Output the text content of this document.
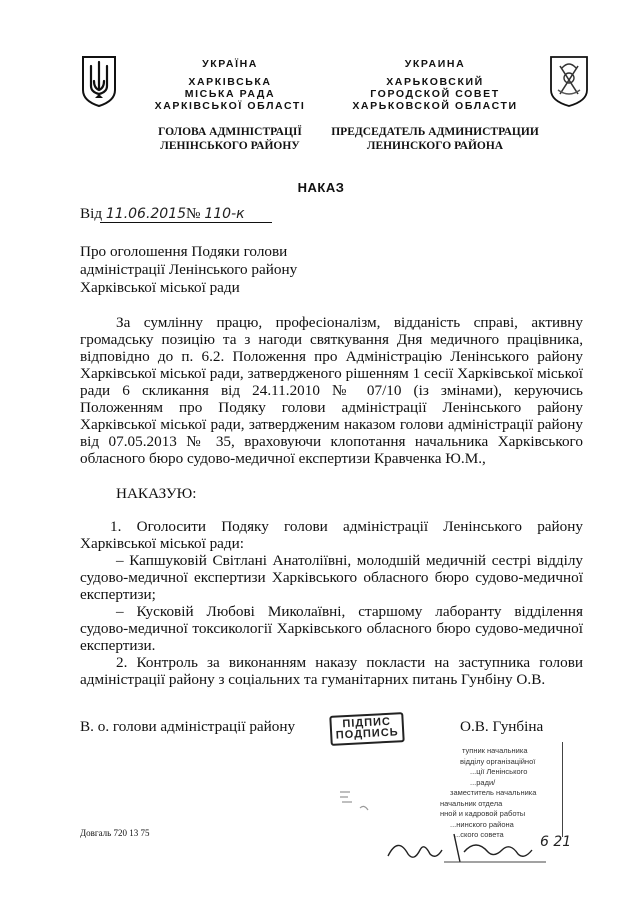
УКРАЇНА
ХАРКІВСЬКА
МІСЬКА РАДА
ХАРКІВСЬКОЇ ОБЛАСТІ
ГОЛОВА АДМІНІСТРАЦІЇ
ЛЕНІНСЬКОГО РАЙОНУ
УКРАИНА
ХАРЬКОВСКИЙ
ГОРОДСКОЙ СОВЕТ
ХАРЬКОВСКОЙ ОБЛАСТИ
ПРЕДСЕДАТЕЛЬ АДМИНИСТРАЦИИ
ЛЕНИНСКОГО РАЙОНА
НАКАЗ
Від 11.06.2015№ 110-к
Про оголошення Подяки голови
адміністрації Ленінського району
Харківської міської ради
За сумлінну працю, професіоналізм, відданість справі, активну
громадську позицію та з нагоди святкування Дня медичного працівника,
відповідно до п. 6.2. Положення про Адміністрацію Ленінського району
Харківської міської ради, затвердженого рішенням 1 сесії Харківської міської
ради 6 скликання від 24.11.2010 № 07/10 (із змінами), керуючись
Положенням про Подяку голови адміністрації Ленінського району
Харківської міської ради, затвердженим наказом голови адміністрації району
від 07.05.2013 № 35, враховуючи клопотання начальника Харківського
обласного бюро судово-медичної експертизи Кравченка Ю.М.,
НАКАЗУЮ:
1. Оголосити Подяку голови адміністрації Ленінського району
Харківської міської ради:
– Капшуковій Світлані Анатоліївні, молодшій медичній сестрі відділу
судово-медичної експертизи Харківського обласного бюро судово-медичної
експертизи;
– Кусковій Любові Миколаївні, старшому лаборанту відділення
судово-медичної токсикології Харківського обласного бюро судово-медичної
експертизи.
2. Контроль за виконанням наказу покласти на заступника голови
адміністрації району з соціальних та гуманітарних питань Гунбіну О.В.
В. о. голови адміністрації району	ПІДПИС
ПОДПИСЬ	О.В. Гунбіна
тупник начальника
відділу організаційної
...ції Ленінського
...ради/
заместитель начальника
начальник отдела
нной и кадровой работы
...нинского района
...ского совета	6 21
Довгаль 720 13 75
